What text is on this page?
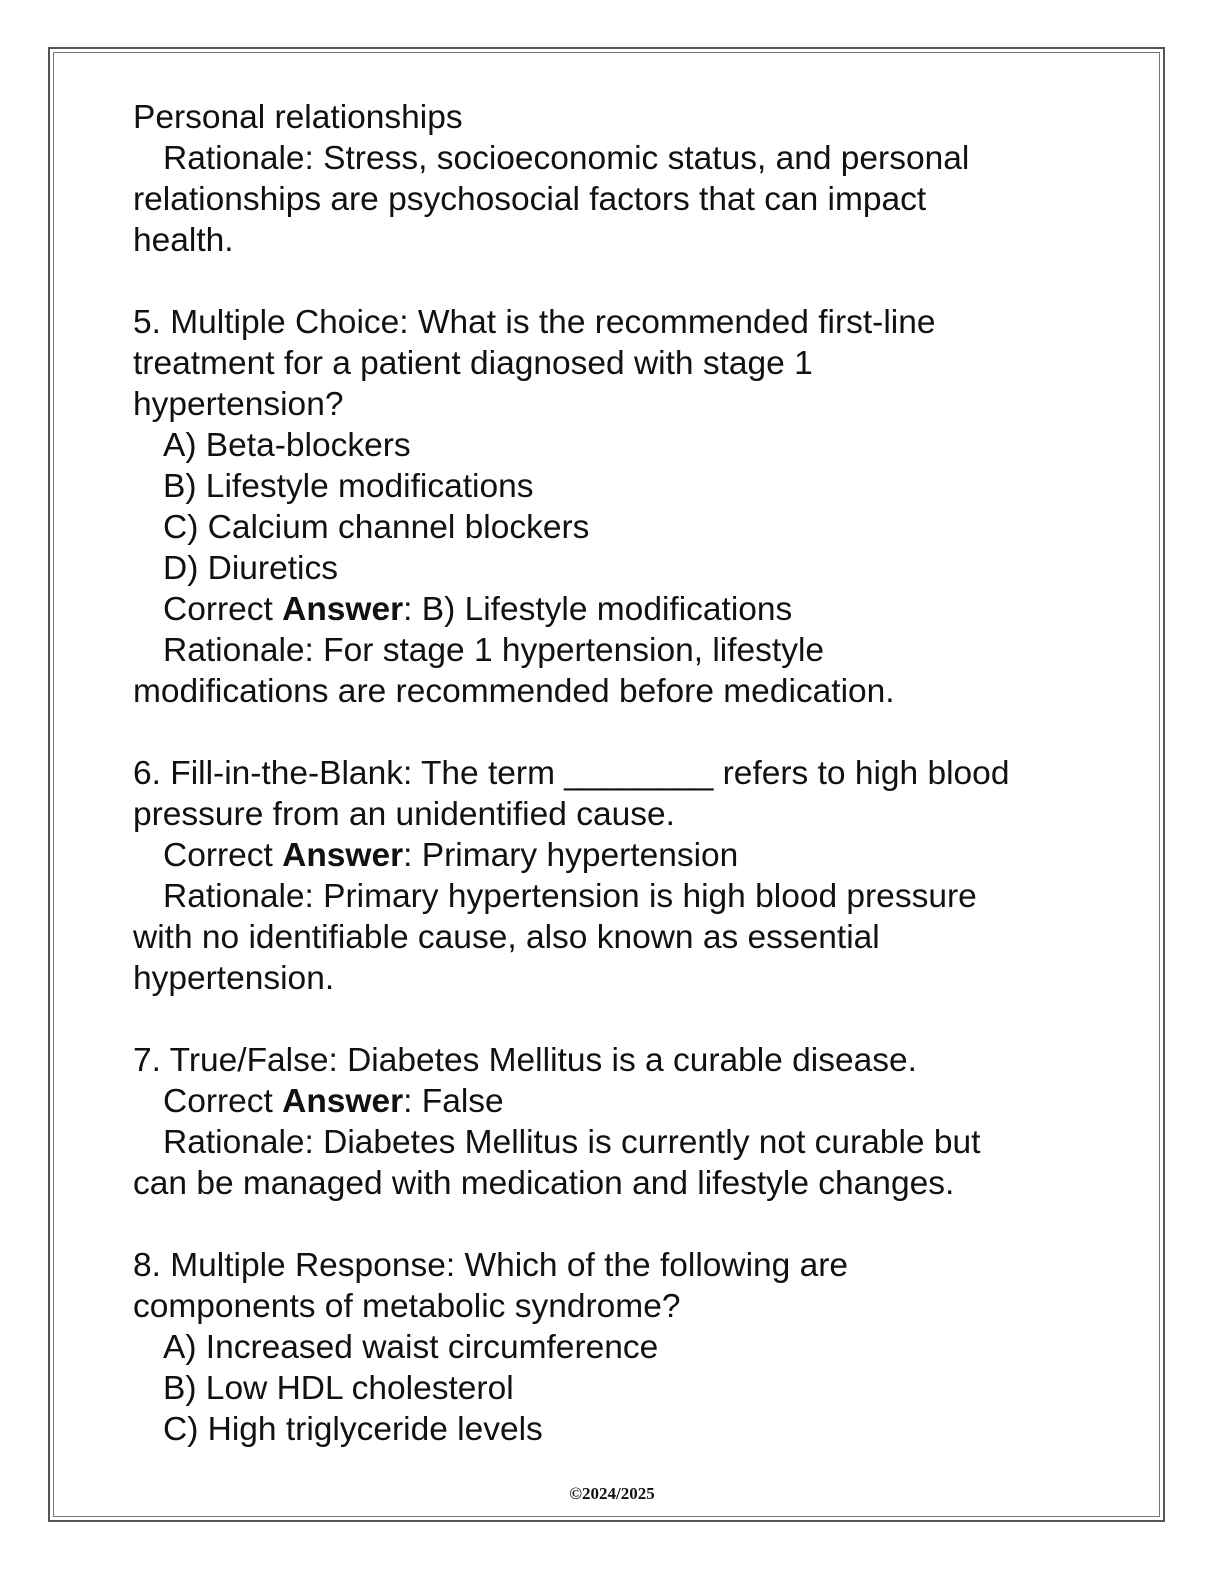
Personal relationships
Rationale: Stress, socioeconomic status, and personal
relationships are psychosocial factors that can impact
health.
5. Multiple Choice: What is the recommended first-line
treatment for a patient diagnosed with stage 1
hypertension?
A) Beta-blockers
B) Lifestyle modifications
C) Calcium channel blockers
D) Diuretics
Correct Answer: B) Lifestyle modifications
Rationale: For stage 1 hypertension, lifestyle
modifications are recommended before medication.
6. Fill-in-the-Blank: The term ________ refers to high blood
pressure from an unidentified cause.
Correct Answer: Primary hypertension
Rationale: Primary hypertension is high blood pressure
with no identifiable cause, also known as essential
hypertension.
7. True/False: Diabetes Mellitus is a curable disease.
Correct Answer: False
Rationale: Diabetes Mellitus is currently not curable but
can be managed with medication and lifestyle changes.
8. Multiple Response: Which of the following are
components of metabolic syndrome?
A) Increased waist circumference
B) Low HDL cholesterol
C) High triglyceride levels
©2024/2025
